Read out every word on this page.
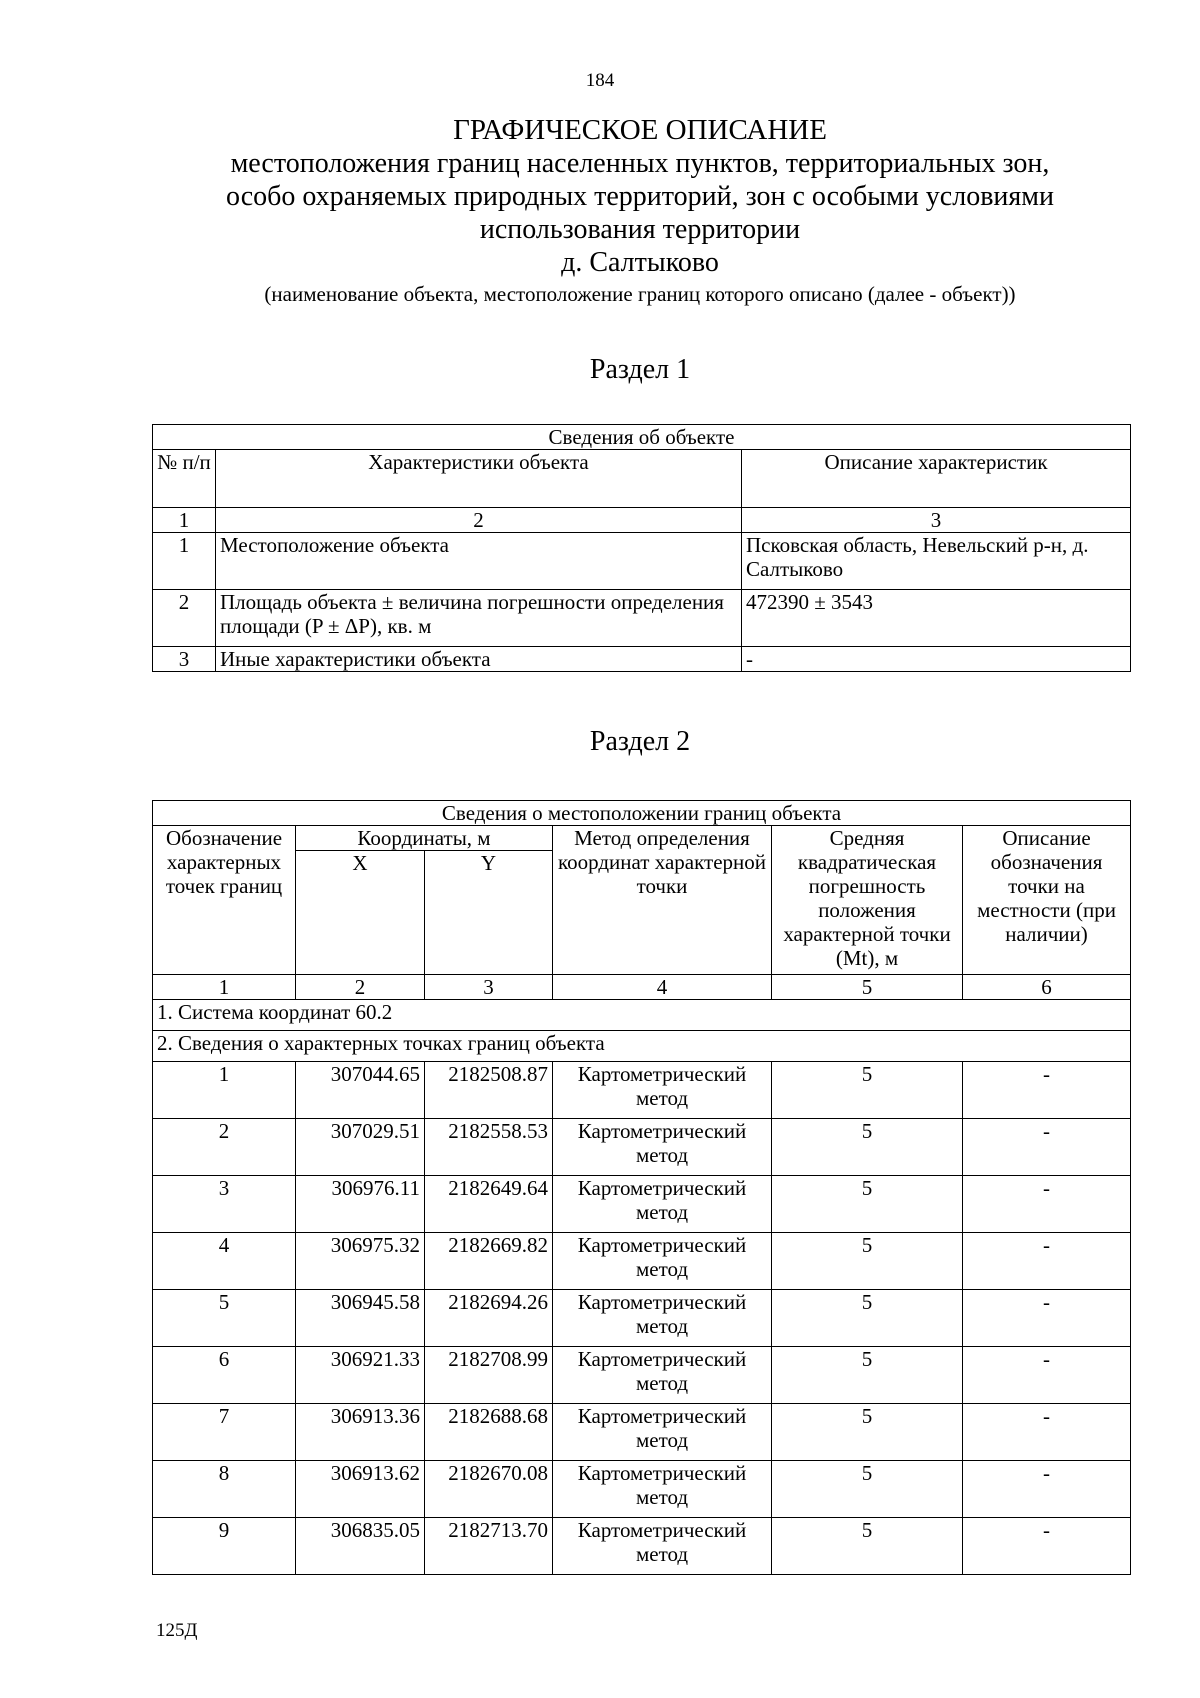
184
ГРАФИЧЕСКОЕ ОПИСАНИЕ
местоположения границ населенных пунктов, территориальных зон,
особо охраняемых природных территорий, зон с особыми условиями
использования территории
д. Салтыково
(наименование объекта, местоположение границ которого описано (далее - объект))
Раздел 1
Сведения об объекте		
№ п/п	Характеристики объекта	Описание характеристик
1	2	3
1	Местоположение объекта	Псковская область, Невельский р-н, д. Салтыково
2	Площадь объекта ± величина погрешности определения площади (P ± ΔP), кв. м	472390 ± 3543
3	Иные характеристики объекта	-
Раздел 2
Сведения о местоположении границ объекта					
Обозначение характерных точек границ	Координаты, м		Метод определения координат характерной точки	Средняя квадратическая погрешность положения характерной точки (Mt), м	Описание обозначения точки на местности (при наличии)
	X	Y			
1	2	3	4	5	6
1. Система координат 60.2					
2. Сведения о характерных точках границ объекта					
1	307044.65	2182508.87	Картометрический метод	5	-
2	307029.51	2182558.53	Картометрический метод	5	-
3	306976.11	2182649.64	Картометрический метод	5	-
4	306975.32	2182669.82	Картометрический метод	5	-
5	306945.58	2182694.26	Картометрический метод	5	-
6	306921.33	2182708.99	Картометрический метод	5	-
7	306913.36	2182688.68	Картометрический метод	5	-
8	306913.62	2182670.08	Картометрический метод	5	-
9	306835.05	2182713.70	Картометрический метод	5	-
125Д
